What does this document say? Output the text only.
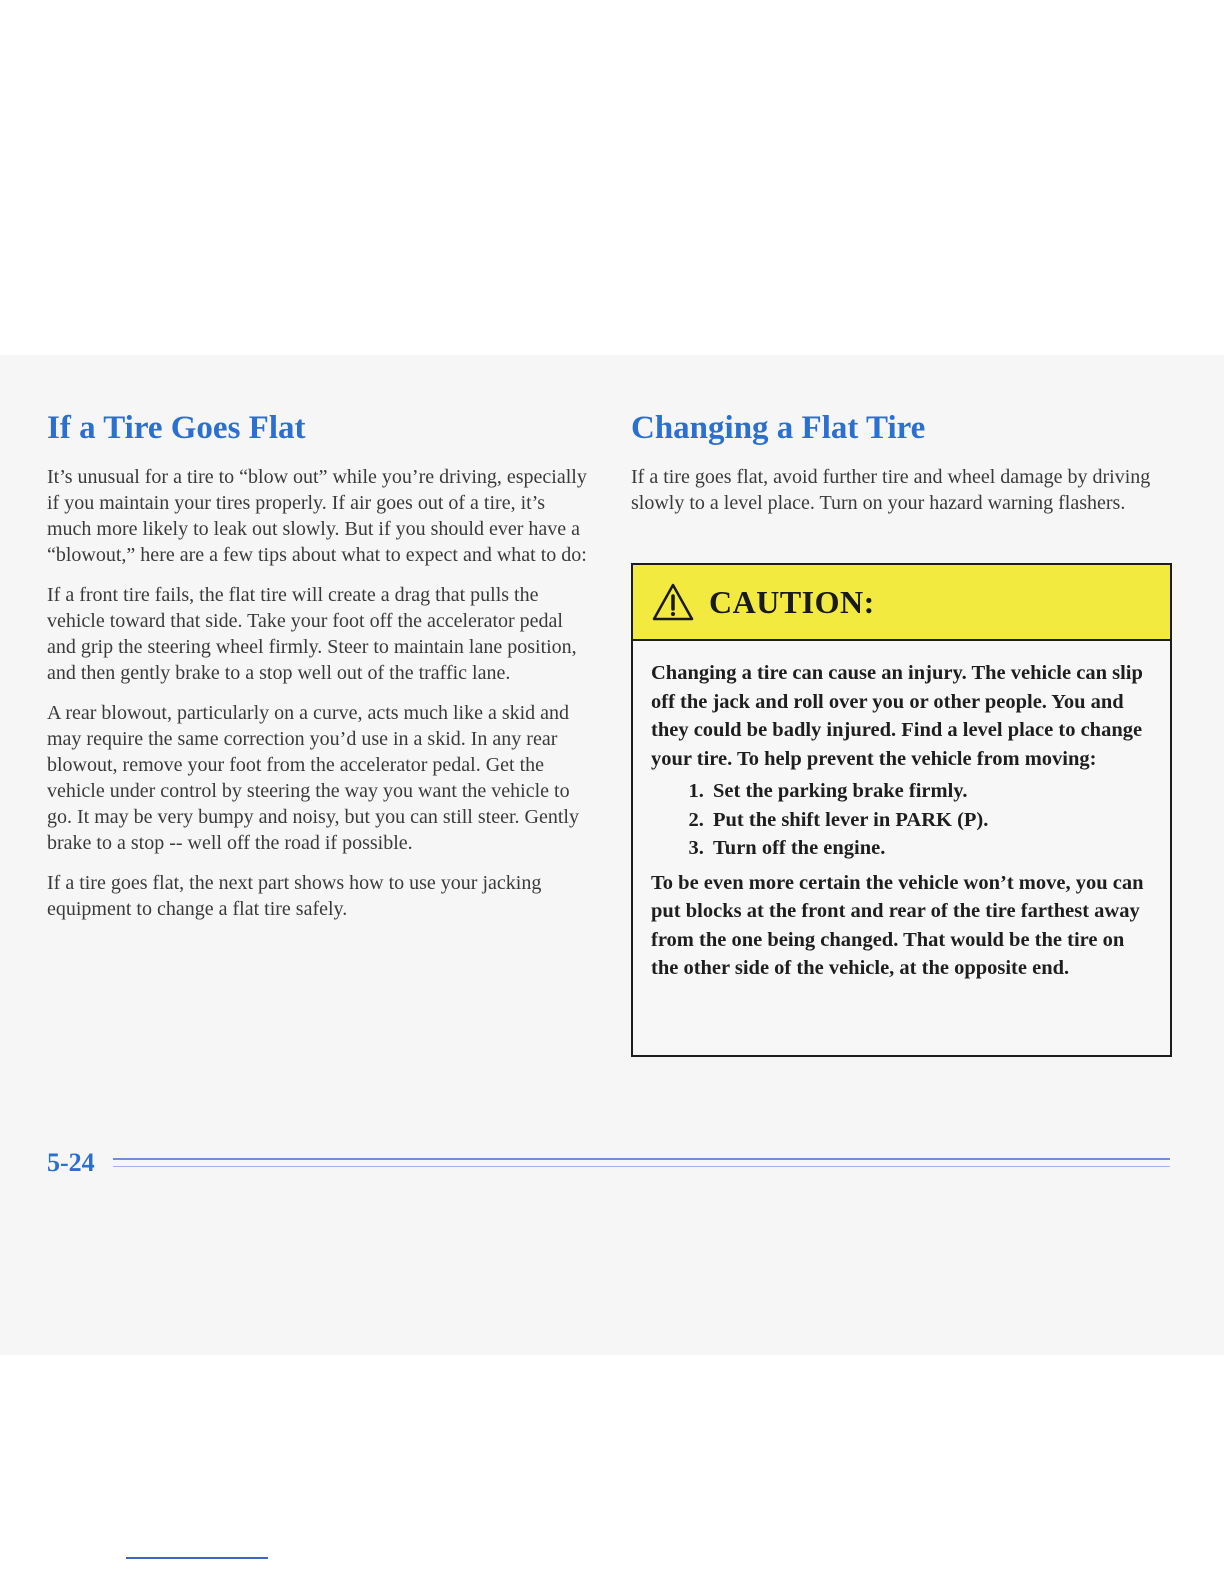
If a Tire Goes Flat

It’s unusual for a tire to “blow out” while you’re driving, especially if you maintain your tires properly. If air goes out of a tire, it’s much more likely to leak out slowly. But if you should ever have a “blowout,” here are a few tips about what to expect and what to do:

If a front tire fails, the flat tire will create a drag that pulls the vehicle toward that side. Take your foot off the accelerator pedal and grip the steering wheel firmly. Steer to maintain lane position, and then gently brake to a stop well out of the traffic lane.

A rear blowout, particularly on a curve, acts much like a skid and may require the same correction you’d use in a skid. In any rear blowout, remove your foot from the accelerator pedal. Get the vehicle under control by steering the way you want the vehicle to go. It may be very bumpy and noisy, but you can still steer. Gently brake to a stop -- well off the road if possible.

If a tire goes flat, the next part shows how to use your jacking equipment to change a flat tire safely.

Changing a Flat Tire

If a tire goes flat, avoid further tire and wheel damage by driving slowly to a level place. Turn on your hazard warning flashers.

CAUTION:

Changing a tire can cause an injury. The vehicle can slip off the jack and roll over you or other people. You and they could be badly injured. Find a level place to change your tire. To help prevent the vehicle from moving:

1. Set the parking brake firmly.
2. Put the shift lever in PARK (P).
3. Turn off the engine.

To be even more certain the vehicle won’t move, you can put blocks at the front and rear of the tire farthest away from the one being changed. That would be the tire on the other side of the vehicle, at the opposite end.

5-24
